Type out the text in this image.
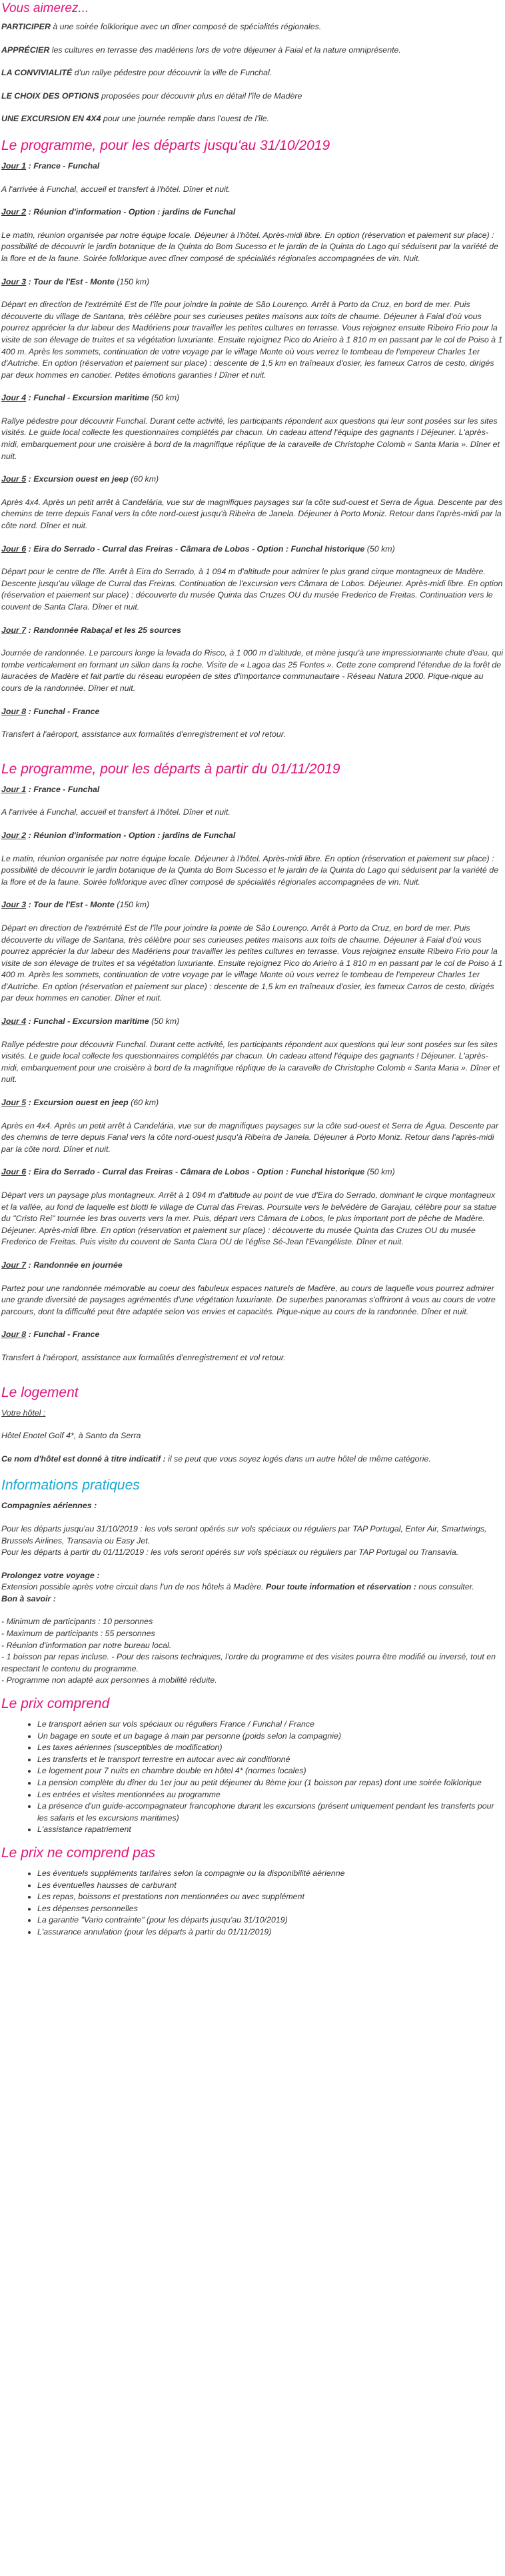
Vous aimerez...

PARTICIPER à une soirée folklorique avec un dîner composé de spécialités régionales.

APPRÉCIER les cultures en terrasse des madériens lors de votre déjeuner à Faial et la nature omniprésente.

LA CONVIVIALITÉ d'un rallye pédestre pour découvrir la ville de Funchal.

LE CHOIX DES OPTIONS proposées pour découvrir plus en détail l'île de Madère

UNE EXCURSION EN 4X4 pour une journée remplie dans l'ouest de l'île.

Le programme, pour les départs jusqu'au 31/10/2019
Jour 1 : France - Funchal
A l'arrivée à Funchal, accueil et transfert à l'hôtel. Dîner et nuit.
Jour 2 : Réunion d'information - Option : jardins de Funchal
Le matin, réunion organisée par notre équipe locale. Déjeuner à l'hôtel. Après-midi libre. En option (réservation et paiement sur place) : possibilité de découvrir le jardin botanique de la Quinta do Bom Sucesso et le jardin de la Quinta do Lago qui séduisent par la variété de la flore et de la faune. Soirée folklorique avec dîner composé de spécialités régionales accompagnées de vin. Nuit.
Jour 3 : Tour de l'Est - Monte (150 km)
Départ en direction de l'extrémité Est de l'île pour joindre la pointe de São Lourenço. Arrêt à Porto da Cruz, en bord de mer. Puis découverte du village de Santana, très célèbre pour ses curieuses petites maisons aux toits de chaume. Déjeuner à Faial d'où vous pourrez apprécier la dur labeur des Madériens pour travailler les petites cultures en terrasse. Vous rejoignez ensuite Ribeiro Frio pour la visite de son élevage de truites et sa végétation luxuriante. Ensuite rejoignez Pico do Arieiro à 1 810 m en passant par le col de Poiso à 1 400 m. Après les sommets, continuation de votre voyage par le village Monte où vous verrez le tombeau de l'empereur Charles 1er d'Autriche. En option (réservation et paiement sur place) : descente de 1,5 km en traîneaux d'osier, les fameux Carros de cesto, dirigés par deux hommes en canotier. Petites émotions garanties ! Dîner et nuit.
Jour 4 : Funchal - Excursion maritime (50 km)
Rallye pédestre pour découvrir Funchal. Durant cette activité, les participants répondent aux questions qui leur sont posées sur les sites visités. Le guide local collecte les questionnaires complétés par chacun. Un cadeau attend l'équipe des gagnants ! Déjeuner. L'après-midi, embarquement pour une croisière à bord de la magnifique réplique de la caravelle de Christophe Colomb « Santa Maria ». Dîner et nuit.
Jour 5 : Excursion ouest en jeep (60 km)
Après 4x4. Après un petit arrêt à Candelária, vue sur de magnifiques paysages sur la côte sud-ouest et Serra de Água. Descente par des chemins de terre depuis Fanal vers la côte nord-ouest jusqu'à Ribeira de Janela. Déjeuner à Porto Moniz. Retour dans l'après-midi par la côte nord. Dîner et nuit.
Jour 6 : Eira do Serrado - Curral das Freiras - Câmara de Lobos - Option : Funchal historique (50 km)
Départ pour le centre de l'île. Arrêt à Eira do Serrado, à 1 094 m d'altitude pour admirer le plus grand cirque montagneux de Madère. Descente jusqu'au village de Curral das Freiras. Continuation de l'excursion vers Câmara de Lobos. Déjeuner. Après-midi libre. En option (réservation et paiement sur place) : découverte du musée Quinta das Cruzes OU du musée Frederico de Freitas. Continuation vers le couvent de Santa Clara. Dîner et nuit.
Jour 7 : Randonnée Rabaçal et les 25 sources
Journée de randonnée. Le parcours longe la levada do Risco, à 1 000 m d'altitude, et mène jusqu'à une impressionnante chute d'eau, qui tombe verticalement en formant un sillon dans la roche. Visite de « Lagoa das 25 Fontes ». Cette zone comprend l'étendue de la forêt de lauracées de Madère et fait partie du réseau européen de sites d'importance communautaire - Réseau Natura 2000. Pique-nique au cours de la randonnée. Dîner et nuit.
Jour 8 : Funchal - France
Transfert à l'aéroport, assistance aux formalités d'enregistrement et vol retour.
Le programme, pour les départs à partir du 01/11/2019
Jour 1 : France - Funchal
A l'arrivée à Funchal, accueil et transfert à l'hôtel. Dîner et nuit.
Jour 2 : Réunion d'information - Option : jardins de Funchal
Le matin, réunion organisée par notre équipe locale. Déjeuner à l'hôtel. Après-midi libre. En option (réservation et paiement sur place) : possibilité de découvrir le jardin botanique de la Quinta do Bom Sucesso et le jardin de la Quinta do Lago qui séduisent par la variété de la flore et de la faune. Soirée folklorique avec dîner composé de spécialités régionales accompagnées de vin. Nuit.
Jour 3 : Tour de l'Est - Monte (150 km)
Départ en direction de l'extrémité Est de l'île pour joindre la pointe de São Lourenço. Arrêt à Porto da Cruz, en bord de mer. Puis découverte du village de Santana, très célèbre pour ses curieuses petites maisons aux toits de chaume. Déjeuner à Faial d'où vous pourrez apprécier la dur labeur des Madériens pour travailler les petites cultures en terrasse. Vous rejoignez ensuite Ribeiro Frio pour la visite de son élevage de truites et sa végétation luxuriante. Ensuite rejoignez Pico do Arieiro à 1 810 m en passant par le col de Poiso à 1 400 m. Après les sommets, continuation de votre voyage par le village Monte où vous verrez le tombeau de l'empereur Charles 1er d'Autriche. En option (réservation et paiement sur place) : descente de 1,5 km en traîneaux d'osier, les fameux Carros de cesto, dirigés par deux hommes en canotier. Dîner et nuit.
Jour 4 : Funchal - Excursion maritime (50 km)
Rallye pédestre pour découvrir Funchal. Durant cette activité, les participants répondent aux questions qui leur sont posées sur les sites visités. Le guide local collecte les questionnaires complétés par chacun. Un cadeau attend l'équipe des gagnants ! Déjeuner. L'après-midi, embarquement pour une croisière à bord de la magnifique réplique de la caravelle de Christophe Colomb « Santa Maria ». Dîner et nuit.
Jour 5 : Excursion ouest en jeep (60 km)
Après en 4x4. Après un petit arrêt à Candelária, vue sur de magnifiques paysages sur la côte sud-ouest et Serra de Água. Descente par des chemins de terre depuis Fanal vers la côte nord-ouest jusqu'à Ribeira de Janela. Déjeuner à Porto Moniz. Retour dans l'après-midi par la côte nord. Dîner et nuit.
Jour 6 : Eira do Serrado - Curral das Freiras - Câmara de Lobos - Option : Funchal historique (50 km)
Départ vers un paysage plus montagneux. Arrêt à 1 094 m d'altitude au point de vue d'Eira do Serrado, dominant le cirque montagneux et la vallée, au fond de laquelle est blotti le village de Curral das Freiras. Poursuite vers le belvédère de Garajau, célèbre pour sa statue du "Cristo Rei" tournée les bras ouverts vers la mer. Puis, départ vers Câmara de Lobos, le plus important port de pêche de Madère. Déjeuner. Après-midi libre. En option (réservation et paiement sur place) : découverte du musée Quinta das Cruzes OU du musée Frederico de Freitas. Puis visite du couvent de Santa Clara OU de l'église Sé-Jean l'Evangéliste. Dîner et nuit.
Jour 7 : Randonnée en journée
Partez pour une randonnée mémorable au coeur des fabuleux espaces naturels de Madère, au cours de laquelle vous pourrez admirer une grande diversité de paysages agrémentés d'une végétation luxuriante. De superbes panoramas s'offriront à vous au cours de votre parcours, dont la difficulté peut être adaptée selon vos envies et capacités. Pique-nique au cours de la randonnée. Dîner et nuit.
Jour 8 : Funchal - France
Transfert à l'aéroport, assistance aux formalités d'enregistrement et vol retour.
Le logement

Votre hôtel :

Hôtel Enotel Golf 4*, à Santo da Serra

Ce nom d'hôtel est donné à titre indicatif : il se peut que vous soyez logés dans un autre hôtel de même catégorie.

Informations pratiques

Compagnies aériennes :

Pour les départs jusqu'au 31/10/2019 : les vols seront opérés sur vols spéciaux ou réguliers par TAP Portugal, Enter Air, Smartwings, Brussels Airlines, Transavia ou Easy Jet.

Pour les départs à partir du 01/11/2019 : les vols seront opérés sur vols spéciaux ou réguliers par TAP Portugal ou Transavia.

Prolongez votre voyage :

Extension possible après votre circuit dans l'un de nos hôtels à Madère. Pour toute information et réservation : nous consulter.

Bon à savoir :

- Minimum de participants : 10 personnes
- Maximum de participants : 55 personnes
- Réunion d'information par notre bureau local.
- 1 boisson par repas incluse. - Pour des raisons techniques, l'ordre du programme et des visites pourra être modifié ou inversé, tout en respectant le contenu du programme.
- Programme non adapté aux personnes à mobilité réduite.
Le prix comprend
• Le transport aérien sur vols spéciaux ou réguliers France / Funchal / France
• Un bagage en soute et un bagage à main par personne (poids selon la compagnie)
• Les taxes aériennes (susceptibles de modification)
• Les transferts et le transport terrestre en autocar avec air conditionné
• Le logement pour 7 nuits en chambre double en hôtel 4* (normes locales)
• La pension complète du dîner du 1er jour au petit déjeuner du 8ème jour (1 boisson par repas) dont une soirée folklorique
• Les entrées et visites mentionnées au programme
• La présence d'un guide-accompagnateur francophone durant les excursions (présent uniquement pendant les transferts pour les safaris et les excursions maritimes)
• L'assistance rapatriement
Le prix ne comprend pas
• Les éventuels suppléments tarifaires selon la compagnie ou la disponibilité aérienne
• Les éventuelles hausses de carburant
• Les repas, boissons et prestations non mentionnées ou avec supplément
• Les dépenses personnelles
• La garantie "Vario contrainte" (pour les départs jusqu'au 31/10/2019)
• L'assurance annulation (pour les départs à partir du 01/11/2019)
